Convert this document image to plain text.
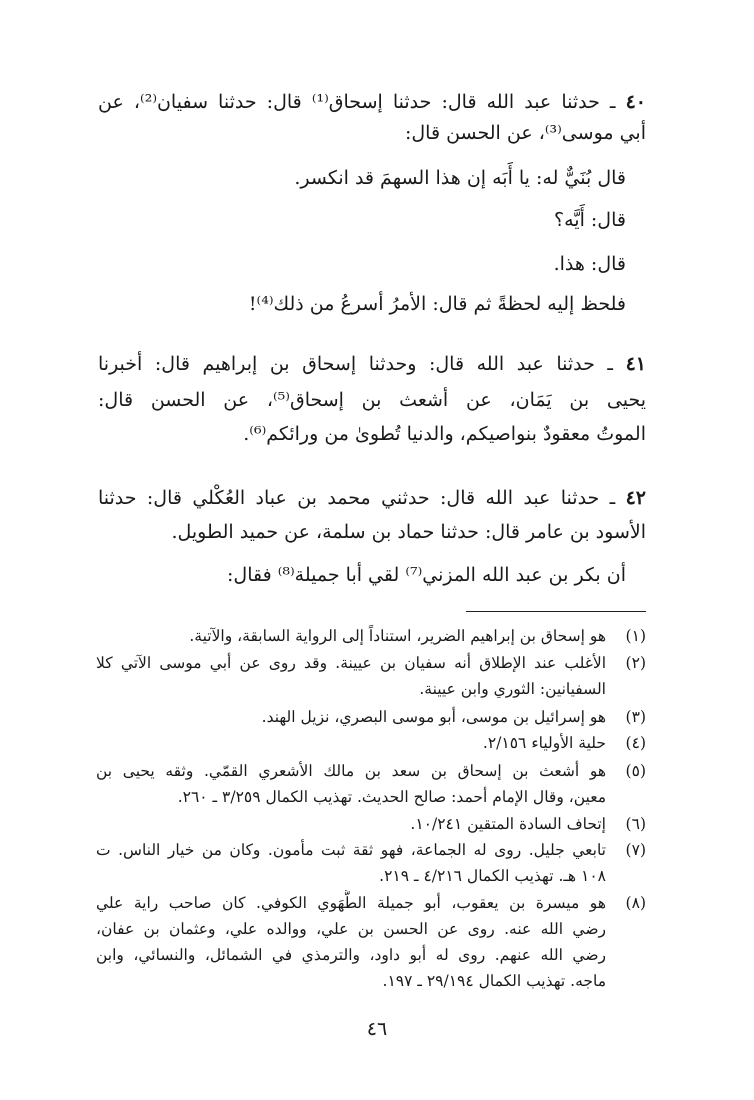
٤٠ ـ حدثنا عبد الله قال: حدثنا إسحاق⁽¹⁾ قال: حدثنا سفيان⁽²⁾، عن
أبي موسى⁽³⁾، عن الحسن قال:
قال بُنَيٌّ له: يا أَبَه إن هذا السهمَ قد انكسر.
قال: أَيَّه؟
قال: هذا.
فلحظ إليه لحظةً ثم قال: الأمرُ أسرعُ من ذلك⁽⁴⁾!
٤١ ـ حدثنا عبد الله قال: وحدثنا إسحاق بن إبراهيم قال: أخبرنا
يحيى بن يَمَان، عن أشعث بن إسحاق⁽⁵⁾، عن الحسن قال:
الموتُ معقودٌ بنواصيكم، والدنيا تُطوىٰ من ورائكم⁽⁶⁾.
٤٢ ـ حدثنا عبد الله قال: حدثني محمد بن عباد العُكْلي قال: حدثنا
الأسود بن عامر قال: حدثنا حماد بن سلمة، عن حميد الطويل.
أن بكر بن عبد الله المزني⁽⁷⁾ لقي أبا جميلة⁽⁸⁾ فقال:
(١)
هو إسحاق بن إبراهيم الضرير، استناداً إلى الرواية السابقة، والآتية.
(٢)
الأغلب عند الإطلاق أنه سفيان بن عيينة. وقد روى عن أبي موسى الآتي كلا
السفيانين: الثوري وابن عيينة.
(٣)
هو إسرائيل بن موسى، أبو موسى البصري، نزيل الهند.
(٤)
حلية الأولياء ٢/١٥٦.
(٥)
هو أشعث بن إسحاق بن سعد بن مالك الأشعري القمّي. وثقه يحيى بن
معين، وقال الإمام أحمد: صالح الحديث. تهذيب الكمال ٣/٢٥٩ ـ ٢٦٠.
(٦)
إتحاف السادة المتقين ١٠/٢٤١.
(٧)
تابعي جليل. روى له الجماعة، فهو ثقة ثبت مأمون. وكان من خيار الناس. ت
١٠٨ هـ. تهذيب الكمال ٤/٢١٦ ـ ٢١٩.
(٨)
هو ميسرة بن يعقوب، أبو جميلة الطُّهَوي الكوفي. كان صاحب راية علي
رضي الله عنه. روى عن الحسن بن علي، ووالده علي، وعثمان بن عفان،
رضي الله عنهم. روى له أبو داود، والترمذي في الشمائل، والنسائي، وابن
ماجه. تهذيب الكمال ٢٩/١٩٤ ـ ١٩٧.
٤٦
